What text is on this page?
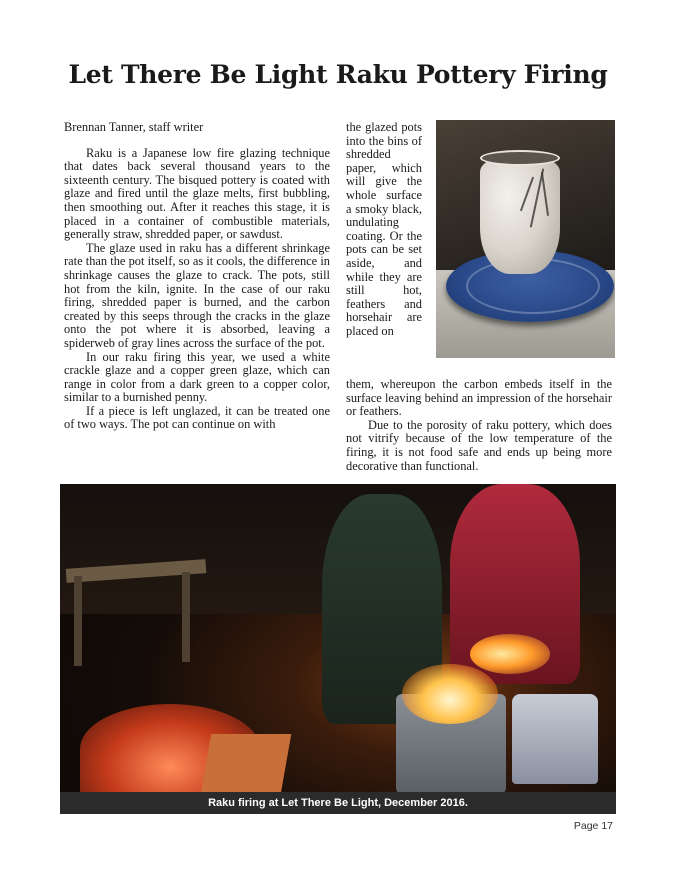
Let There Be Light Raku Pottery Firing

Brennan Tanner, staff writer

Raku is a Japanese low fire glazing technique that dates back several thousand years to the sixteenth century. The bisqued pottery is coated with glaze and fired until the glaze melts, first bubbling, then smoothing out. After it reaches this stage, it is placed in a container of combustible materials, generally straw, shredded paper, or sawdust.

The glaze used in raku has a different shrinkage rate than the pot itself, so as it cools, the difference in shrinkage causes the glaze to crack. The pots, still hot from the kiln, ignite. In the case of our raku firing, shredded paper is burned, and the carbon created by this seeps through the cracks in the glaze onto the pot where it is absorbed, leaving a spiderweb of gray lines across the surface of the pot.

In our raku firing this year, we used a white crackle glaze and a copper green glaze, which can range in color from a dark green to a copper color, similar to a burnished penny.

If a piece is left unglazed, it can be treated one of two ways. The pot can continue on with

the glazed pots into the bins of shredded paper, which will give the whole surface a smoky black, undulating coating. Or the pots can be set aside, and while they are still hot, feathers and horsehair are placed on

them, whereupon the carbon embeds itself in the surface leaving behind an impression of the horsehair or feathers.

Due to the porosity of raku pottery, which does not vitrify because of the low temperature of the firing, it is not food safe and ends up being more decorative than functional.

Raku firing at Let There Be Light, December 2016.
Page 17
